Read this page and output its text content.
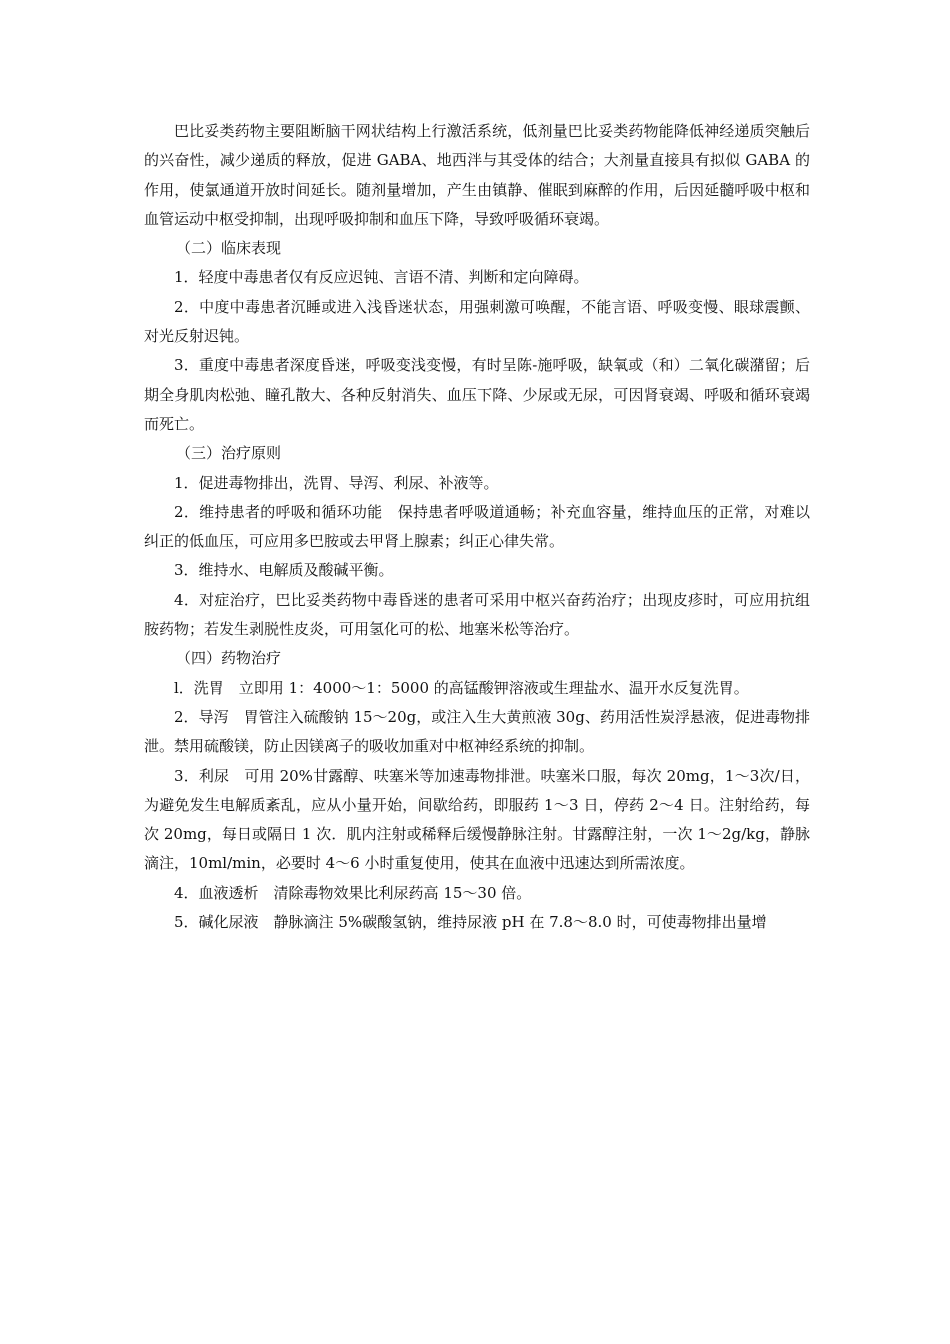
巴比妥类药物主要阻断脑干网状结构上行激活系统，低剂量巴比妥类药物能降低神经递质突触后的兴奋性，减少递质的释放，促进 GABA、地西泮与其受体的结合；大剂量直接具有拟似 GABA 的作用，使氯通道开放时间延长。随剂量增加，产生由镇静、催眠到麻醉的作用，后因延髓呼吸中枢和血管运动中枢受抑制，出现呼吸抑制和血压下降，导致呼吸循环衰竭。

（二）临床表现

1．轻度中毒患者仅有反应迟钝、言语不清、判断和定向障碍。

2．中度中毒患者沉睡或进入浅昏迷状态，用强刺激可唤醒，不能言语、呼吸变慢、眼球震颤、对光反射迟钝。

3．重度中毒患者深度昏迷，呼吸变浅变慢，有时呈陈-施呼吸，缺氧或（和）二氧化碳潴留；后期全身肌肉松弛、瞳孔散大、各种反射消失、血压下降、少尿或无尿，可因肾衰竭、呼吸和循环衰竭而死亡。

（三）治疗原则

1．促进毒物排出，洗胃、导泻、利尿、补液等。

2．维持患者的呼吸和循环功能　保持患者呼吸道通畅；补充血容量，维持血压的正常，对难以纠正的低血压，可应用多巴胺或去甲肾上腺素；纠正心律失常。

3．维持水、电解质及酸碱平衡。

4．对症治疗，巴比妥类药物中毒昏迷的患者可采用中枢兴奋药治疗；出现皮疹时，可应用抗组胺药物；若发生剥脱性皮炎，可用氢化可的松、地塞米松等治疗。

（四）药物治疗

l．洗胃　立即用 1：4000～1：5000 的高锰酸钾溶液或生理盐水、温开水反复洗胃。

2．导泻　胃管注入硫酸钠 15～20g，或注入生大黄煎液 30g、药用活性炭浮悬液，促进毒物排泄。禁用硫酸镁，防止因镁离子的吸收加重对中枢神经系统的抑制。

3．利尿　可用 20%甘露醇、呋塞米等加速毒物排泄。呋塞米口服，每次 20mg，1～3次/日，为避免发生电解质紊乱，应从小量开始，间歇给药，即服药 1～3 日，停药 2～4 日。注射给药，每次 20mg，每日或隔日 1 次．肌内注射或稀释后缓慢静脉注射。甘露醇注射，一次 1～2g/kg，静脉滴注，10ml/min，必要时 4～6 小时重复使用，使其在血液中迅速达到所需浓度。

4．血液透析　清除毒物效果比利尿药高 15～30 倍。

5．碱化尿液　静脉滴注 5%碳酸氢钠，维持尿液 pH 在 7.8～8.0 时，可使毒物排出量增
